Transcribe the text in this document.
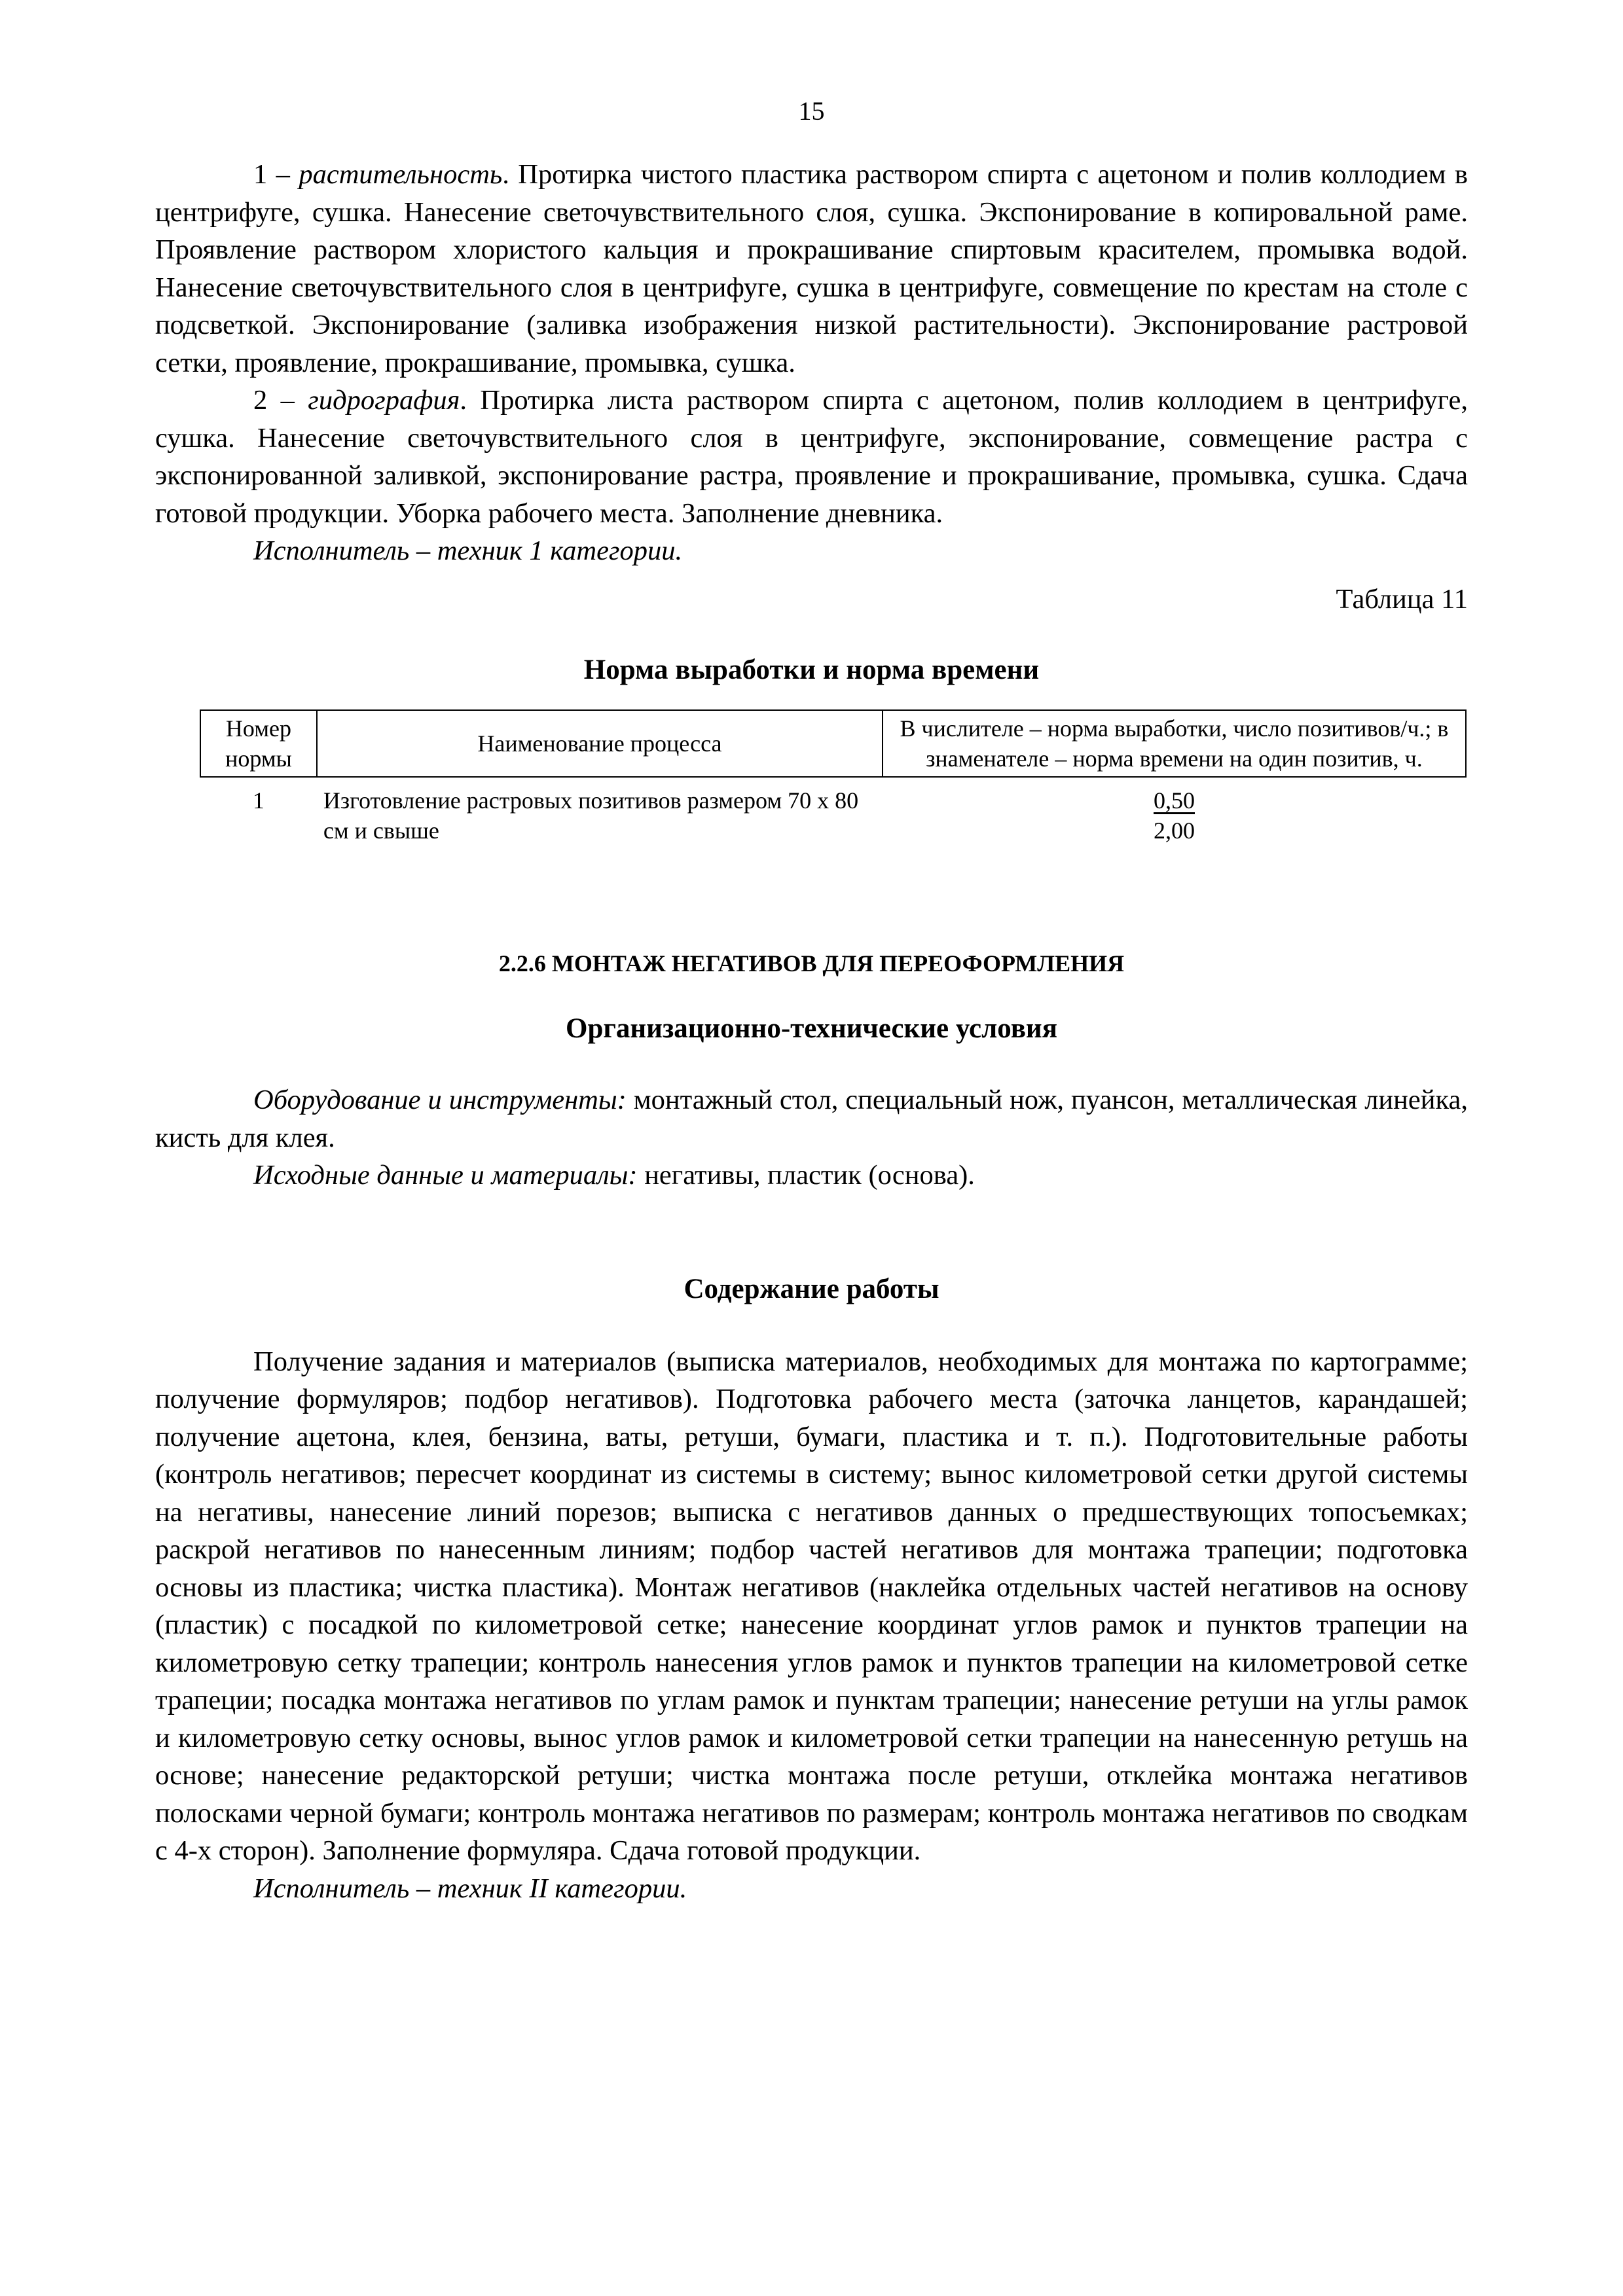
15

1 – растительность. Протирка чистого пластика раствором спирта с ацетоном и полив коллодием в центрифуге, сушка. Нанесение светочувствительного слоя, сушка. Экспонирование в копировальной раме. Проявление раствором хлористого кальция и прокрашивание спиртовым красителем, промывка водой. Нанесение светочувствительного слоя в центрифуге, сушка в центрифуге, совмещение по крестам на столе с подсветкой. Экспонирование (заливка изображения низкой растительности). Экспонирование растровой сетки, проявление, прокрашивание, промывка, сушка.

2 – гидрография. Протирка листа раствором спирта с ацетоном, полив коллодием в центрифуге, сушка. Нанесение светочувствительного слоя в центрифуге, экспонирование, совмещение растра с экспонированной заливкой, экспонирование растра, проявление и прокрашивание, промывка, сушка. Сдача готовой продукции. Уборка рабочего места. Заполнение дневника.

Исполнитель – техник 1 категории.

Таблица 11

Норма выработки и норма времени
Номер нормы	Наименование процесса	В числителе – норма выработки, число позитивов/ч.; в знаменателе – норма времени на один позитив, ч.
1	Изготовление растровых позитивов размером 70 х 80 см и свыше	$\frac{0,50}{2,00}$
2.2.6 МОНТАЖ НЕГАТИВОВ ДЛЯ ПЕРЕОФОРМЛЕНИЯ
Организационно-технические условия

Оборудование и инструменты: монтажный стол, специальный нож, пуансон, металлическая линейка, кисть для клея.

Исходные данные и материалы: негативы, пластик (основа).

Содержание работы

Получение задания и материалов (выписка материалов, необходимых для монтажа по картограмме; получение формуляров; подбор негативов). Подготовка рабочего места (заточка ланцетов, карандашей; получение ацетона, клея, бензина, ваты, ретуши, бумаги, пластика и т. п.). Подготовительные работы (контроль негативов; пересчет координат из системы в систему; вынос километровой сетки другой системы на негативы, нанесение линий порезов; выписка с негативов данных о предшествующих топосъемках; раскрой негативов по нанесенным линиям; подбор частей негативов для монтажа трапеции; подготовка основы из пластика; чистка пластика). Монтаж негативов (наклейка отдельных частей негативов на основу (пластик) с посадкой по километровой сетке; нанесение координат углов рамок и пунктов трапеции на километровую сетку трапеции; контроль нанесения углов рамок и пунктов трапеции на километровой сетке трапеции; посадка монтажа негативов по углам рамок и пунктам трапеции; нанесение ретуши на углы рамок и километровую сетку основы, вынос углов рамок и километровой сетки трапеции на нанесенную ретушь на основе; нанесение редакторской ретуши; чистка монтажа после ретуши, отклейка монтажа негативов полосками черной бумаги; контроль монтажа негативов по размерам; контроль монтажа негативов по сводкам с 4-х сторон). Заполнение формуляра. Сдача готовой продукции.

Исполнитель – техник II категории.
